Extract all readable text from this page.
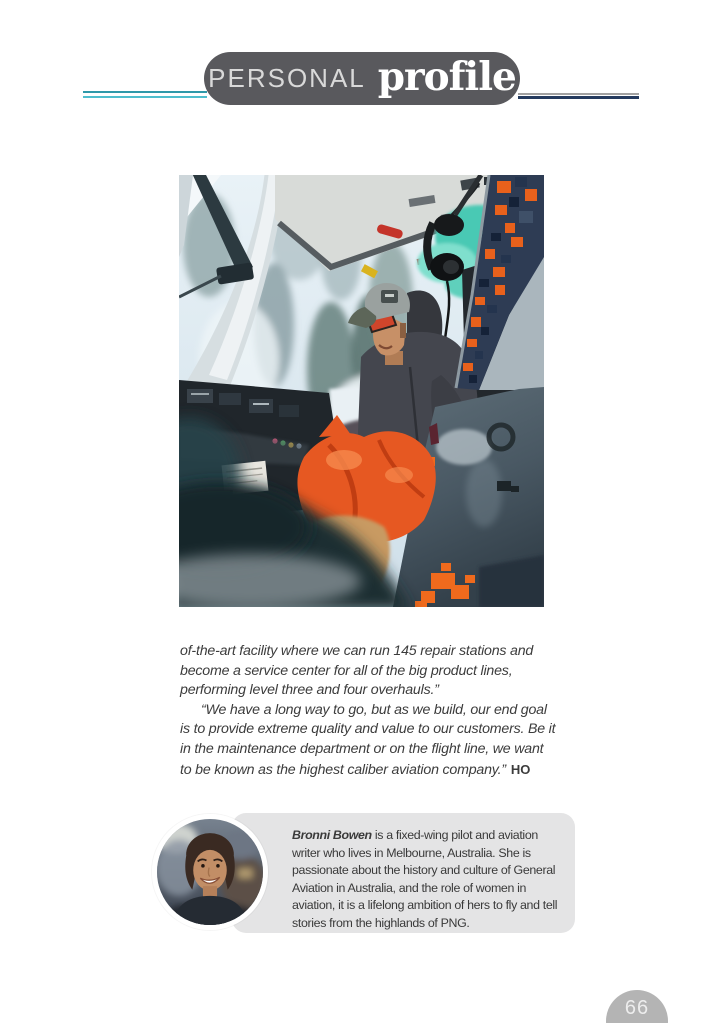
PERSONAL profile

of-the-art facility where we can run 145 repair stations and become a service center for all of the big product lines, performing level three and four overhauls.”

“We have a long way to go, but as we build, our end goal is to provide extreme quality and value to our customers. Be it in the maintenance department or on the flight line, we want to be known as the highest caliber aviation company.” HO

Bronni Bowen is a fixed-wing pilot and aviation writer who lives in Melbourne, Australia. She is passionate about the history and culture of General Aviation in Australia, and the role of women in aviation, it is a lifelong ambition of hers to fly and tell stories from the highlands of PNG.

66
